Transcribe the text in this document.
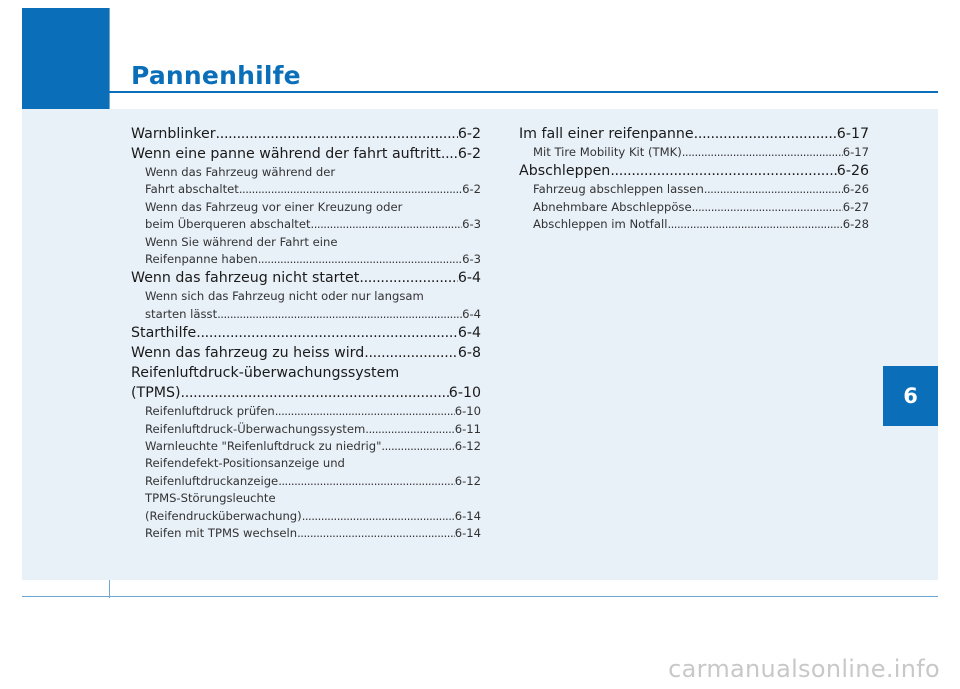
Pannenhilfe
6
Warnblinker .....	6-2
Wenn eine panne während der fahrt auftritt ..... 6-2
Wenn das Fahrzeug während der
Fahrt abschaltet .....	6-2
Wenn das Fahrzeug vor einer Kreuzung oder
beim Überqueren abschaltet .....	6-3
Wenn Sie während der Fahrt eine
Reifenpanne haben .....	6-3
Wenn das fahrzeug nicht startet .....	6-4
Wenn sich das Fahrzeug nicht oder nur langsam
starten lässt .....	6-4
Starthilfe .....	6-4
Wenn das fahrzeug zu heiss wird .....	6-8
Reifenluftdruck-überwachungssystem
(TPMS) .....	6-10
Reifenluftdruck prüfen .....	6-10
Reifenluftdruck-Überwachungssystem .....	6-11
Warnleuchte "Reifenluftdruck zu niedrig" .....	6-12
Reifendefekt-Positionsanzeige und
Reifenluftdruckanzeige .....	6-12
TPMS-Störungsleuchte
(Reifendrucküberwachung) .....	6-14
Reifen mit TPMS wechseln .....	6-14
Im fall einer reifenpanne .....	6-17
Mit Tire Mobility Kit (TMK) .....	6-17
Abschleppen .....	6-26
Fahrzeug abschleppen lassen .....	6-26
Abnehmbare Abschleppöse .....	6-27
Abschleppen im Notfall .....	6-28
carmanualsonline.info
